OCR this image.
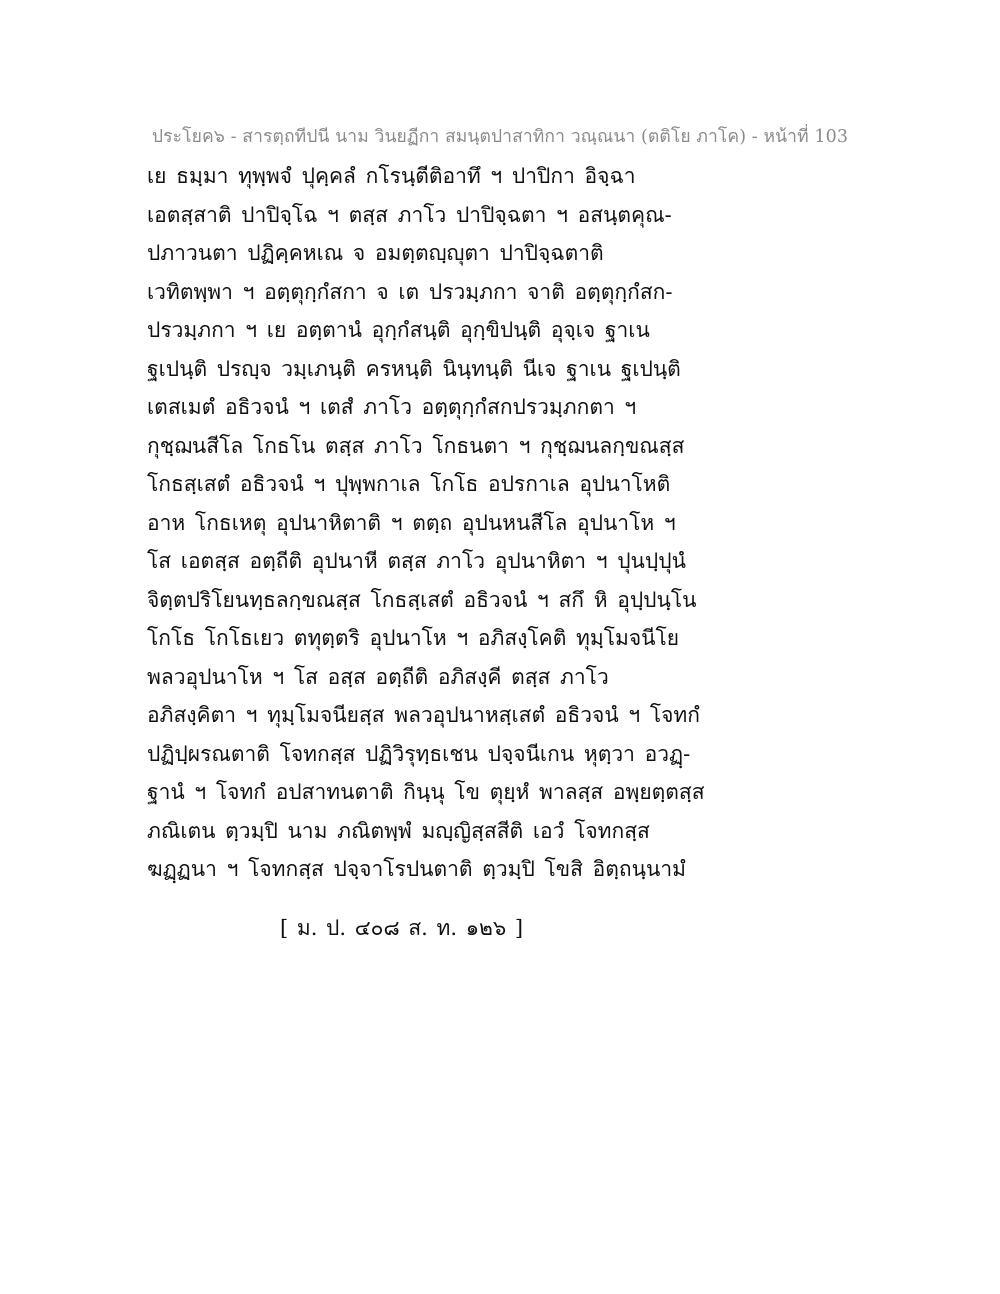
ประโยค๖ - สารตฺถทีปนี นาม วินยฏีกา สมนฺตปาสาทิกา วณฺณนา (ตติโย ภาโค) - หน้าที่ 103
เย ธมฺมา ทุพฺพจํ ปุคฺคลํ กโรนฺตีติอาทึ ฯ ปาปิกา อิจฺฉา
เอตสฺสาติ ปาปิจฺโฉ ฯ ตสฺส ภาโว ปาปิจฺฉตา ฯ อสนฺตคุณ-
ปภาวนตา ปฏิคฺคหเณ จ อมตฺตญฺญุตา ปาปิจฺฉตาติ
เวทิตพฺพา ฯ อตฺตุกฺกํสกา จ เต ปรวมฺภกา จาติ อตฺตุกฺกํสก-
ปรวมฺภกา ฯ เย อตฺตานํ อุกฺกํสนฺติ อุกฺขิปนฺติ อุจฺเจ ฐาเน
ฐเปนฺติ ปรญฺจ วมฺเภนฺติ ครหนฺติ นินฺทนฺติ นีเจ ฐาเน ฐเปนฺติ
เตสเมตํ อธิวจนํ ฯ เตสํ ภาโว อตฺตุกฺกํสกปรวมฺภกตา ฯ
กุชฺฌนสีโล โกธโน ตสฺส ภาโว โกธนตา ฯ กุชฺฌนลกฺขณสฺส
โกธสฺเสตํ อธิวจนํ ฯ ปุพฺพกาเล โกโธ อปรกาเล อุปนาโหติ
อาห โกธเหตุ อุปนาหิตาติ ฯ ตตฺถ อุปนหนสีโล อุปนาโห ฯ
โส เอตสฺส อตฺถีติ อุปนาหี ตสฺส ภาโว อุปนาหิตา ฯ ปุนปฺปุนํ
จิตฺตปริโยนทฺธลกฺขณสฺส โกธสฺเสตํ อธิวจนํ ฯ สกึ หิ อุปฺปนฺโน
โกโธ โกโธเยว ตทุตฺตริ อุปนาโห ฯ อภิสงฺโคติ ทุมฺโมจนีโย
พลวอุปนาโห ฯ โส อสฺส อตฺถีติ อภิสงฺคี ตสฺส ภาโว
อภิสงฺคิตา ฯ ทุมฺโมจนียสฺส พลวอุปนาหสฺเสตํ อธิวจนํ ฯ โจทกํ
ปฏิปฺผรณตาติ โจทกสฺส ปฏิวิรุทฺธเชน ปจฺจนีเกน หุตฺวา อวฏฺ-
ฐานํ ฯ โจทกํ อปสาทนตาติ กินฺนุ โข ตุยฺหํ พาลสฺส อพฺยตฺตสฺส
ภณิเตน ตฺวมฺปิ นาม ภณิตพฺพํ มญฺญิสฺสสีติ เอวํ โจทกสฺส
ฆฏฺฏนา ฯ โจทกสฺส ปจฺจาโรปนตาติ ตฺวมฺปิ โขสิ อิตฺถนฺนามํ
[ ม. ป. ๔๐๘ ส. ท. ๑๒๖ ]
